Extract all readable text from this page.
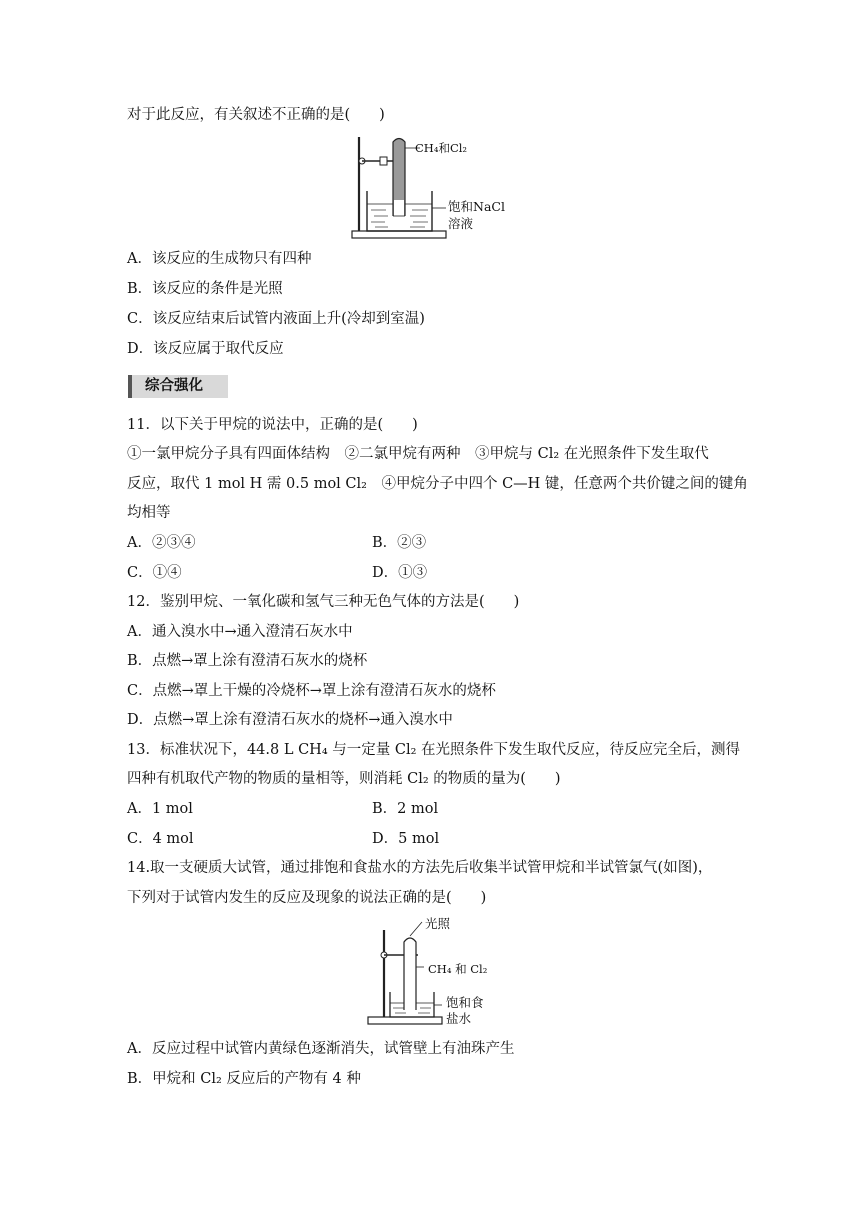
对于此反应，有关叙述不正确的是(　　)
CH₄和Cl₂
饱和NaCl
溶液
A．该反应的生成物只有四种
B．该反应的条件是光照
C．该反应结束后试管内液面上升(冷却到室温)
D．该反应属于取代反应
综合强化
11．以下关于甲烷的说法中，正确的是(　　)
①一氯甲烷分子具有四面体结构　②二氯甲烷有两种　③甲烷与 Cl₂ 在光照条件下发生取代
反应，取代 1 mol H 需 0.5 mol Cl₂　④甲烷分子中四个 C—H 键，任意两个共价键之间的键角
均相等
A．②③④	B．②③
C．①④	D．①③
12．鉴别甲烷、一氧化碳和氢气三种无色气体的方法是(　　)
A．通入溴水中→通入澄清石灰水中
B．点燃→罩上涂有澄清石灰水的烧杯
C．点燃→罩上干燥的冷烧杯→罩上涂有澄清石灰水的烧杯
D．点燃→罩上涂有澄清石灰水的烧杯→通入溴水中
13．标准状况下，44.8 L CH₄ 与一定量 Cl₂ 在光照条件下发生取代反应，待反应完全后，测得
四种有机取代产物的物质的量相等，则消耗 Cl₂ 的物质的量为(　　)
A．1 mol	B．2 mol
C．4 mol	D．5 mol
14.取一支硬质大试管，通过排饱和食盐水的方法先后收集半试管甲烷和半试管氯气(如图)，
下列对于试管内发生的反应及现象的说法正确的是(　　)
光照
CH₄ 和 Cl₂
饱和食
盐水
A．反应过程中试管内黄绿色逐渐消失，试管壁上有油珠产生
B．甲烷和 Cl₂ 反应后的产物有 4 种
